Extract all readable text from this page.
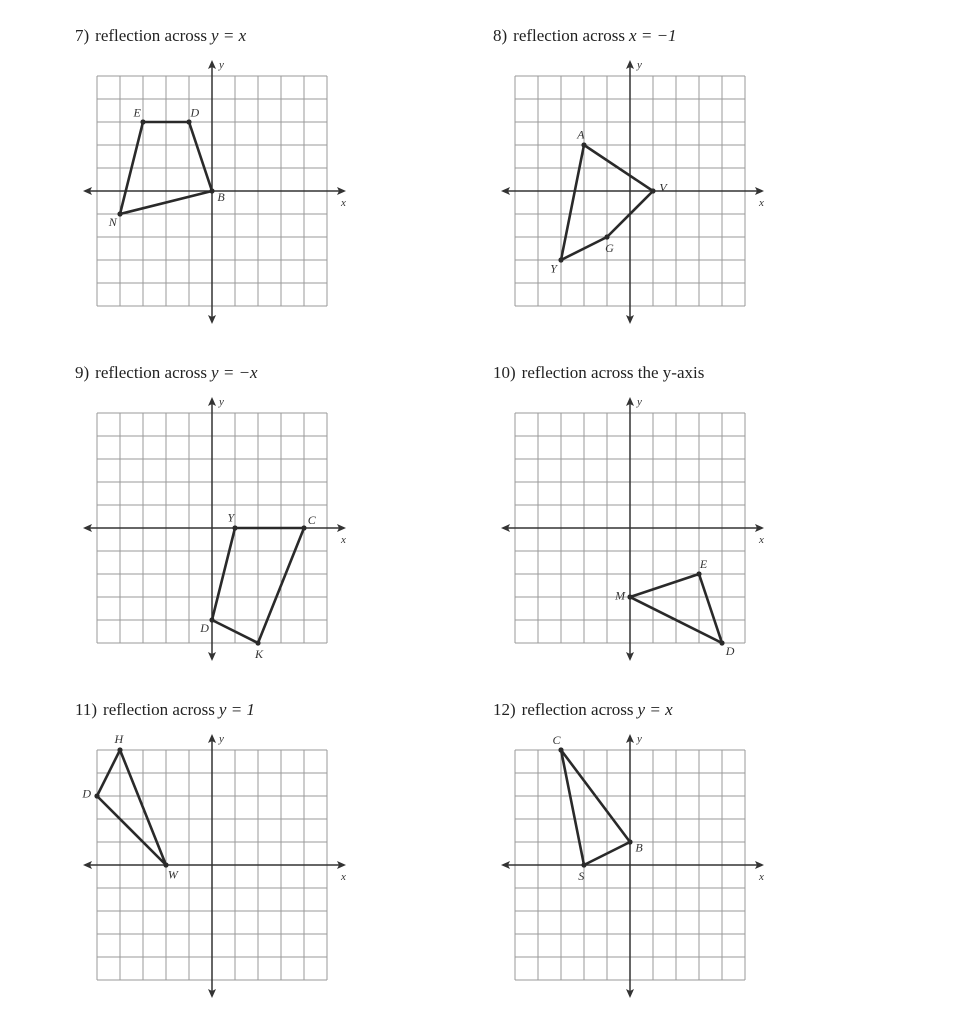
7) reflection across y = x
x
y
E	D
B
N
8) reflection across x = −1
x
y
A
V
G
Y
9) reflection across y = −x
x
y
Y	C
K
D
10) reflection across the y-axis
x
y
E
D
M
11) reflection across y = 1
x
y
H
W
D
12) reflection across y = x
x
y
C
B
S
